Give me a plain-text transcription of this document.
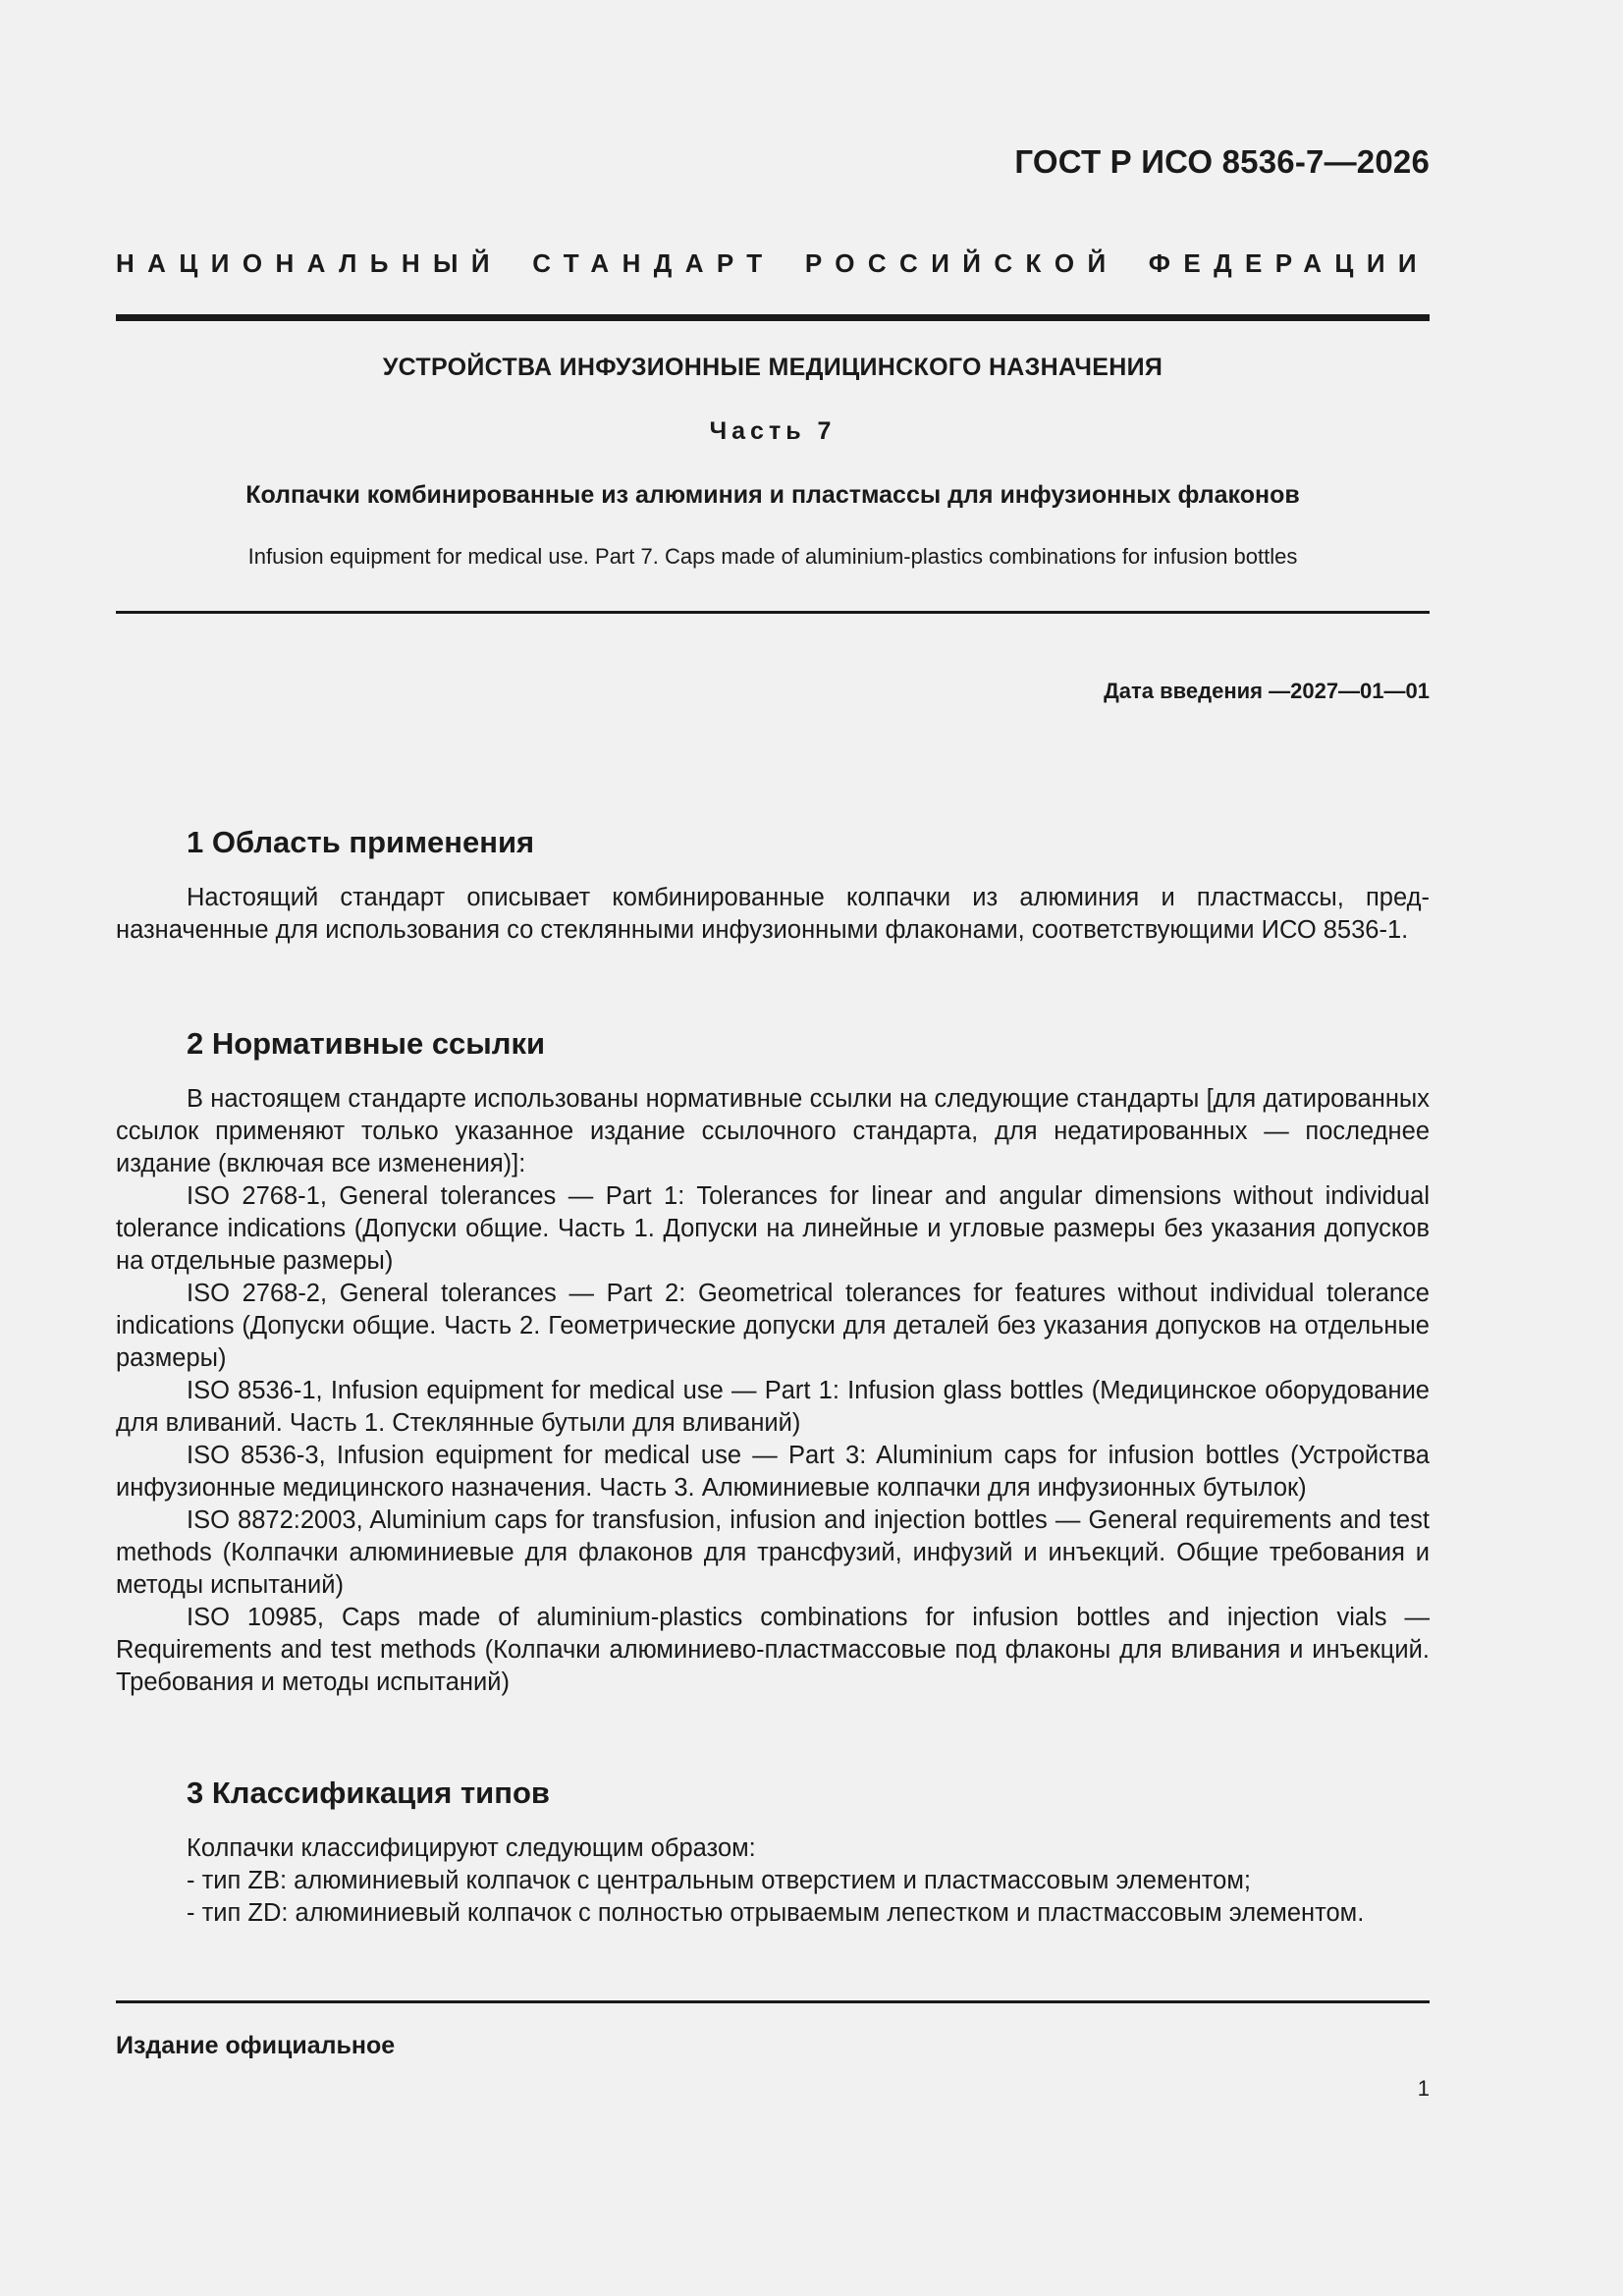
ГОСТ Р ИСО 8536-7—2026
НАЦИОНАЛЬНЫЙ СТАНДАРТ РОССИЙСКОЙ ФЕДЕРАЦИИ
УСТРОЙСТВА ИНФУЗИОННЫЕ МЕДИЦИНСКОГО НАЗНАЧЕНИЯ
Часть 7
Колпачки комбинированные из алюминия и пластмассы для инфузионных флаконов
Infusion equipment for medical use. Part 7. Caps made of aluminium-plastics combinations for infusion bottles
Дата введения —2027—01—01
1 Область применения

Настоящий стандарт описывает комбинированные колпачки из алюминия и пластмассы, предназначенные для использования со стеклянными инфузионными флаконами, соответствующими ИСО 8536-1.

2 Нормативные ссылки

В настоящем стандарте использованы нормативные ссылки на следующие стандарты [для датированных ссылок применяют только указанное издание ссылочного стандарта, для недатированных — последнее издание (включая все изменения)]:

ISO 2768-1, General tolerances — Part 1: Tolerances for linear and angular dimensions without individual tolerance indications (Допуски общие. Часть 1. Допуски на линейные и угловые размеры без указания допусков на отдельные размеры)

ISO 2768-2, General tolerances — Part 2: Geometrical tolerances for features without individual tolerance indications (Допуски общие. Часть 2. Геометрические допуски для деталей без указания допусков на отдельные размеры)

ISO 8536-1, Infusion equipment for medical use — Part 1: Infusion glass bottles (Медицинское оборудование для вливаний. Часть 1. Стеклянные бутыли для вливаний)

ISO 8536-3, Infusion equipment for medical use — Part 3: Aluminium caps for infusion bottles (Устройства инфузионные медицинского назначения. Часть 3. Алюминиевые колпачки для инфузионных бутылок)

ISO 8872:2003, Aluminium caps for transfusion, infusion and injection bottles — General requirements and test methods (Колпачки алюминиевые для флаконов для трансфузий, инфузий и инъекций. Общие требования и методы испытаний)

ISO 10985, Caps made of aluminium-plastics combinations for infusion bottles and injection vials — Requirements and test methods (Колпачки алюминиево-пластмассовые под флаконы для вливания и инъекций. Требования и методы испытаний)

3 Классификация типов

Колпачки классифицируют следующим образом:

- тип ZB: алюминиевый колпачок с центральным отверстием и пластмассовым элементом;

- тип ZD: алюминиевый колпачок с полностью отрываемым лепестком и пластмассовым элементом.

Издание официальное
1
